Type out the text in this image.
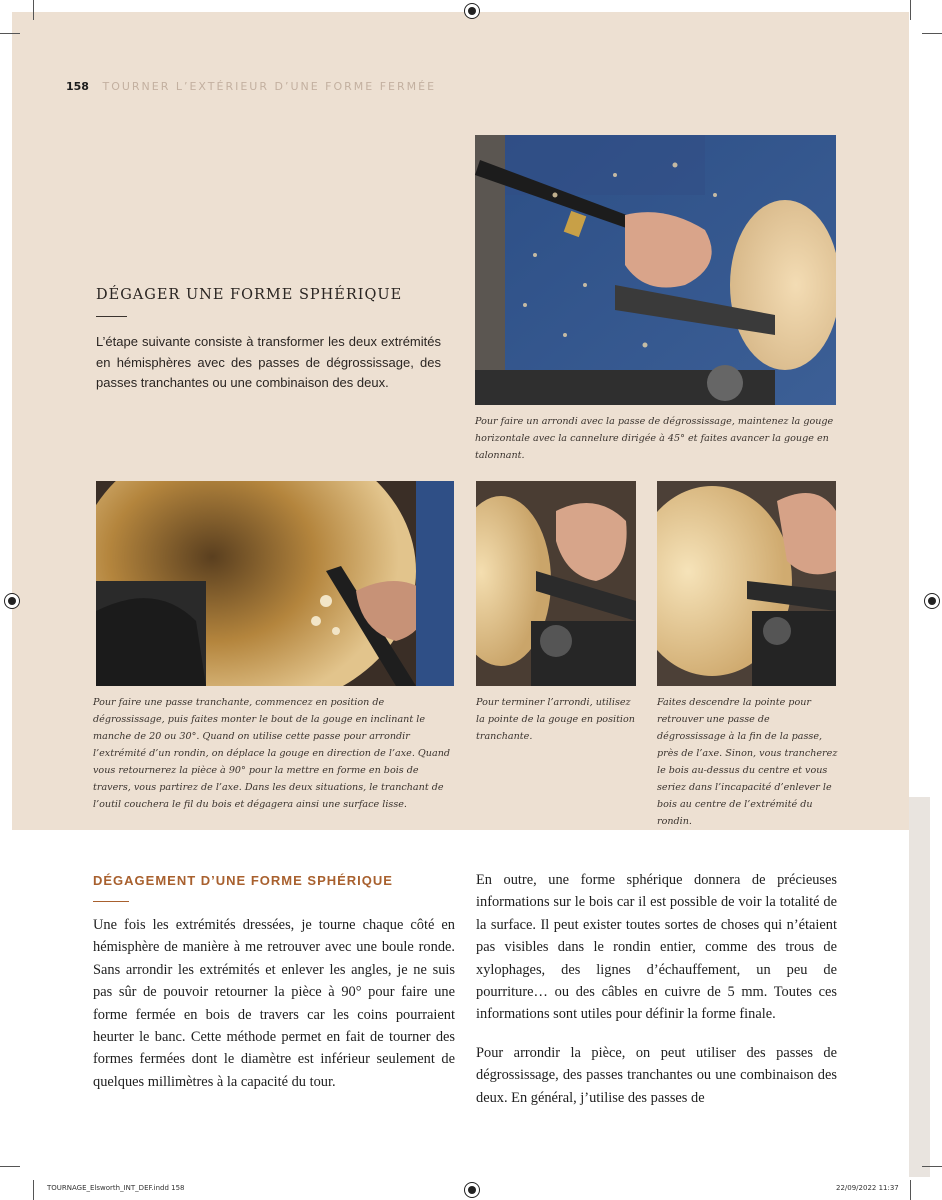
158 TOURNER L’EXTÉRIEUR D’UNE FORME FERMÉE
DÉGAGER UNE FORME SPHÉRIQUE
L’étape suivante consiste à transformer les deux extrémités en hémisphères avec des passes de dégrossissage, des passes tranchantes ou une combinaison des deux.
Pour faire un arrondi avec la passe de dégrossissage, maintenez la gouge horizontale avec la cannelure dirigée à 45° et faites avancer la gouge en talonnant.
Pour faire une passe tranchante, commencez en position de dégrossissage, puis faites monter le bout de la gouge en inclinant le manche de 20 ou 30°. Quand on utilise cette passe pour arrondir l’extrémité d’un rondin, on déplace la gouge en direction de l’axe. Quand vous retournerez la pièce à 90° pour la mettre en forme en bois de travers, vous partirez de l’axe. Dans les deux situations, le tranchant de l’outil couchera le fil du bois et dégagera ainsi une surface lisse.
Pour terminer l’arrondi, utilisez la pointe de la gouge en position tranchante.
Faites descendre la pointe pour retrouver une passe de dégrossissage à la fin de la passe, près de l’axe. Sinon, vous trancherez le bois au-dessus du centre et vous seriez dans l’incapacité d’enlever le bois au centre de l’extrémité du rondin.
DÉGAGEMENT D’UNE FORME SPHÉRIQUE
Une fois les extrémités dressées, je tourne chaque côté en hémisphère de manière à me retrouver avec une boule ronde. Sans arrondir les extrémités et enlever les angles, je ne suis pas sûr de pouvoir retourner la pièce à 90° pour faire une forme fermée en bois de travers car les coins pourraient heurter le banc. Cette méthode permet en fait de tourner des formes fermées dont le diamètre est inférieur seulement de quelques millimètres à la capacité du tour.
En outre, une forme sphérique donnera de précieuses informations sur le bois car il est possible de voir la totalité de la surface. Il peut exister toutes sortes de choses qui n’étaient pas visibles dans le rondin entier, comme des trous de xylophages, des lignes d’échauffement, un peu de pourriture… ou des câbles en cuivre de 5 mm. Toutes ces informations sont utiles pour définir la forme finale.
Pour arrondir la pièce, on peut utiliser des passes de dégrossissage, des passes tranchantes ou une combinaison des deux. En général, j’utilise des passes de
TOURNAGE_Elsworth_INT_DEF.indd 158	22/09/2022 11:37
